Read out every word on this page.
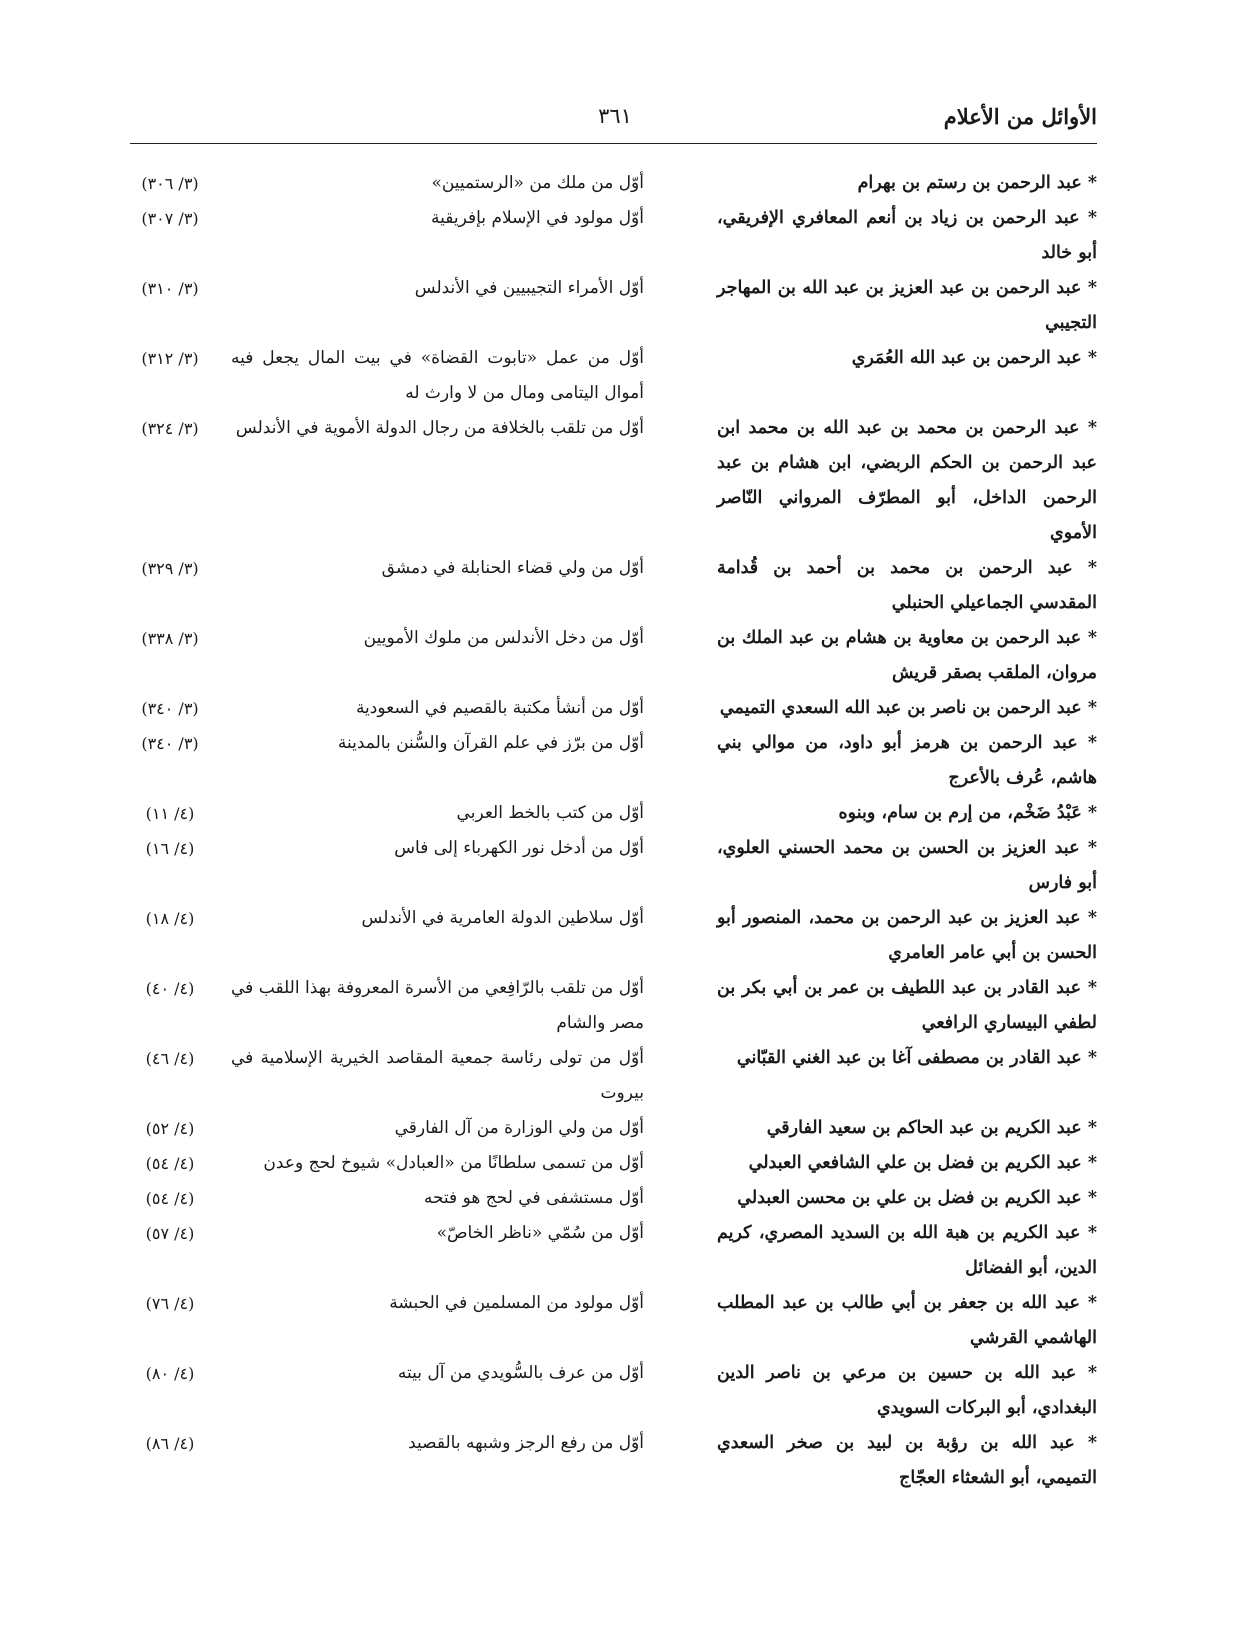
الأوائل من الأعلام
٣٦١
* عبد الرحمن بن رستم بن بهرام
أوّل من ملك من «الرستميين»
(٣/ ٣٠٦)
* عبد الرحمن بن زياد بن أنعم المعافري الإفريقي، أبو خالد
أوّل مولود في الإسلام بإفريقية
(٣/ ٣٠٧)
* عبد الرحمن بن عبد العزيز بن عبد الله بن المهاجر التجيبي
أوّل الأمراء التجيبيين في الأندلس
(٣/ ٣١٠)
* عبد الرحمن بن عبد الله العُمَري
أوّل من عمل «تابوت القضاة» في بيت المال يجعل فيه أموال اليتامى ومال من لا وارث له
(٣/ ٣١٢)
* عبد الرحمن بن محمد بن عبد الله بن محمد ابن عبد الرحمن بن الحكم الربضي، ابن هشام بن عبد الرحمن الداخل، أبو المطرّف المرواني النّاصر الأموي
أوّل من تلقب بالخلافة من رجال الدولة الأموية في الأندلس
(٣/ ٣٢٤)
* عبد الرحمن بن محمد بن أحمد بن قُدامة المقدسي الجماعيلي الحنبلي
أوّل من ولي قضاء الحنابلة في دمشق
(٣/ ٣٢٩)
* عبد الرحمن بن معاوية بن هشام بن عبد الملك بن مروان، الملقب بصقر قريش
أوّل من دخل الأندلس من ملوك الأمويين
(٣/ ٣٣٨)
* عبد الرحمن بن ناصر بن عبد الله السعدي التميمي
أوّل من أنشأ مكتبة بالقصيم في السعودية
(٣/ ٣٤٠)
* عبد الرحمن بن هرمز أبو داود، من موالي بني هاشم، عُرف بالأعرج
أوّل من برّز في علم القرآن والسُّنن بالمدينة
(٣/ ٣٤٠)
* عَبْدُ ضَخْم، من إرم بن سام، وبنوه
أوّل من كتب بالخط العربي
(٤/ ١١)
* عبد العزيز بن الحسن بن محمد الحسني العلوي، أبو فارس
أوّل من أدخل نور الكهرباء إلى فاس
(٤/ ١٦)
* عبد العزيز بن عبد الرحمن بن محمد، المنصور أبو الحسن بن أبي عامر العامري
أوّل سلاطين الدولة العامرية في الأندلس
(٤/ ١٨)
* عبد القادر بن عبد اللطيف بن عمر بن أبي بكر بن لطفي البيساري الرافعي
أوّل من تلقب بالرّافِعي من الأسرة المعروفة بهذا اللقب في مصر والشام
(٤/ ٤٠)
* عبد القادر بن مصطفى آغا بن عبد الغني القبّاني
أوّل من تولى رئاسة جمعية المقاصد الخيرية الإسلامية في بيروت
(٤/ ٤٦)
* عبد الكريم بن عبد الحاكم بن سعيد الفارقي
أوّل من ولي الوزارة من آل الفارقي
(٤/ ٥٢)
* عبد الكريم بن فضل بن علي الشافعي العبدلي
أوّل من تسمى سلطانًا من «العبادل» شيوخ لحج وعدن
(٤/ ٥٤)
* عبد الكريم بن فضل بن علي بن محسن العبدلي
أوّل مستشفى في لحج هو فتحه
(٤/ ٥٤)
* عبد الكريم بن هبة الله بن السديد المصري، كريم الدين، أبو الفضائل
أوّل من سُمّي «ناظر الخاصّ»
(٤/ ٥٧)
* عبد الله بن جعفر بن أبي طالب بن عبد المطلب الهاشمي القرشي
أوّل مولود من المسلمين في الحبشة
(٤/ ٧٦)
* عبد الله بن حسين بن مرعي بن ناصر الدين البغدادي، أبو البركات السويدي
أوّل من عرف بالسُّويدي من آل بيته
(٤/ ٨٠)
* عبد الله بن رؤبة بن لبيد بن صخر السعدي التميمي، أبو الشعثاء العجّاج
أوّل من رفع الرجز وشبهه بالقصيد
(٤/ ٨٦)
